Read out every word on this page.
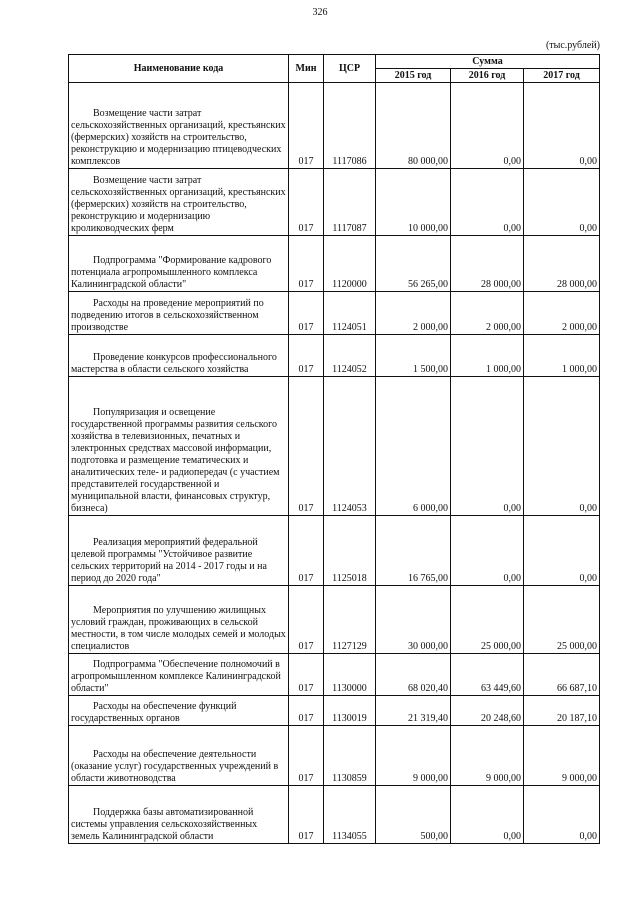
326
(тыс.рублей)
Наименование кода	Мин	ЦСР	Сумма		
			2015 год	2016 год	2017 год
Возмещение части затрат сельскохозяйственных организаций, крестьянских (фермерских) хозяйств на строительство, реконструкцию и модернизацию птицеводческих комплексов	017	1117086	80 000,00	0,00	0,00
Возмещение части затрат сельскохозяйственных организаций, крестьянских (фермерских) хозяйств на строительство, реконструкцию и модернизацию кролиководческих ферм	017	1117087	10 000,00	0,00	0,00
Подпрограмма "Формирование кадрового потенциала агропромышленного комплекса Калининградской области"	017	1120000	56 265,00	28 000,00	28 000,00
Расходы на проведение мероприятий по подведению итогов в сельскохозяйственном производстве	017	1124051	2 000,00	2 000,00	2 000,00
Проведение конкурсов профессионального мастерства в области сельского хозяйства	017	1124052	1 500,00	1 000,00	1 000,00
Популяризация и освещение государственной программы развития сельского хозяйства в телевизионных, печатных и электронных средствах массовой информации, подготовка и размещение тематических и аналитических теле- и радиопередач (с участием представителей государственной и муниципальной власти, финансовых структур, бизнеса)	017	1124053	6 000,00	0,00	0,00
Реализация мероприятий федеральной целевой программы "Устойчивое развитие сельских территорий на 2014 - 2017 годы и на период до 2020 года"	017	1125018	16 765,00	0,00	0,00
Мероприятия по улучшению жилищных условий граждан, проживающих в сельской местности, в том числе молодых семей и молодых специалистов	017	1127129	30 000,00	25 000,00	25 000,00
Подпрограмма "Обеспечение полномочий в агропромышленном комплексе Калининградской области"	017	1130000	68 020,40	63 449,60	66 687,10
Расходы на обеспечение функций государственных органов	017	1130019	21 319,40	20 248,60	20 187,10
Расходы на обеспечение деятельности (оказание услуг) государственных учреждений в области животноводства	017	1130859	9 000,00	9 000,00	9 000,00
Поддержка базы автоматизированной системы управления сельскохозяйственных земель Калининградской области	017	1134055	500,00	0,00	0,00
